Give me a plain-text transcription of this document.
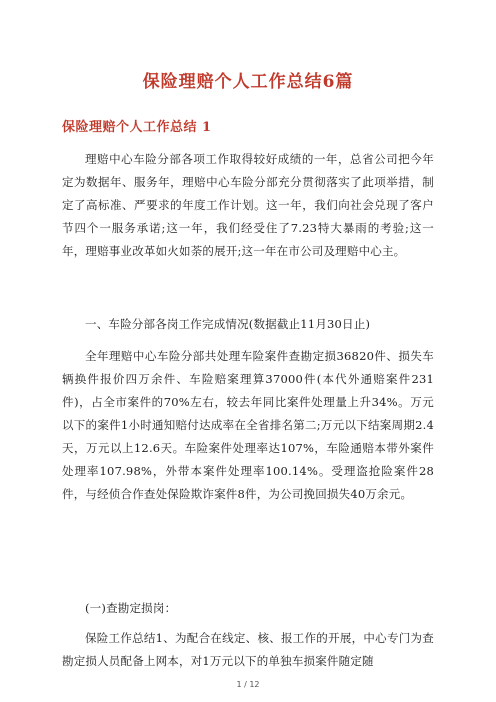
保险理赔个人工作总结6篇
保险理赔个人工作总结 1
理赔中心车险分部各项工作取得较好成绩的一年，总省公司把今年定为数据年、服务年，理赔中心车险分部充分贯彻落实了此项举措，制定了高标准、严要求的年度工作计划。这一年，我们向社会兑现了客户节四个一服务承诺;这一年，我们经受住了7.23特大暴雨的考验;这一年，理赔事业改革如火如荼的展开;这一年在市公司及理赔中心主。
一、车险分部各岗工作完成情况(数据截止11月30日止)
全年理赔中心车险分部共处理车险案件查勘定损36820件、损失车辆换件报价四万余件、车险赔案理算37000件(本代外通赔案件231件)，占全市案件的70%左右，较去年同比案件处理量上升34%。万元以下的案件1小时通知赔付达成率在全省排名第二;万元以下结案周期2.4天，万元以上12.6天。车险案件处理率达107%，车险通赔本带外案件处理率107.98%，外带本案件处理率100.14%。受理盗抢险案件28件，与经侦合作查处保险欺诈案件8件，为公司挽回损失40万余元。
(一)查勘定损岗：
保险工作总结1、为配合在线定、核、报工作的开展，中心专门为查勘定损人员配备上网本，对1万元以下的单独车损案件随定随
1 / 12
